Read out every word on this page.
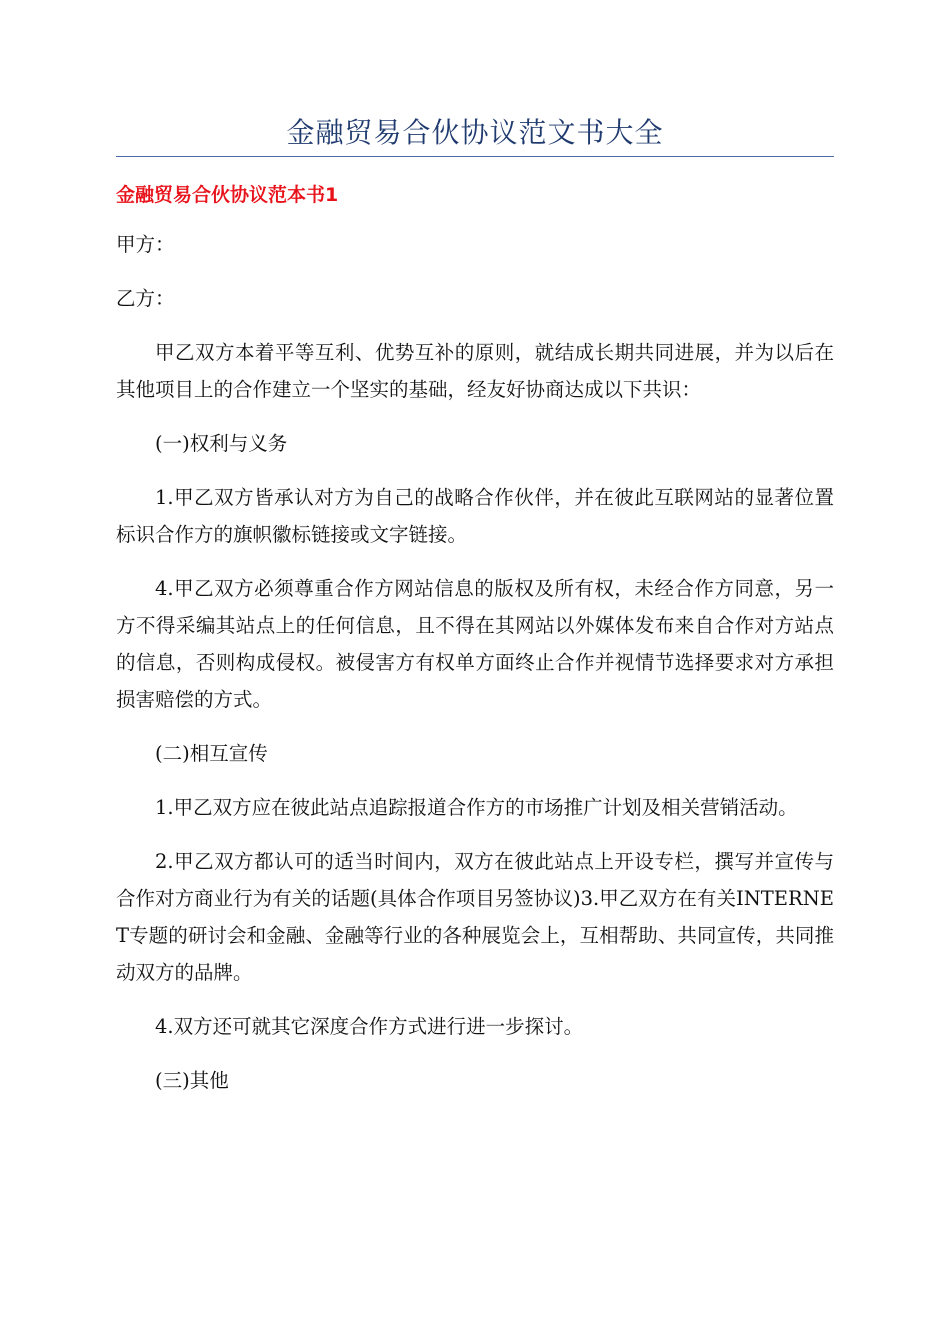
金融贸易合伙协议范文书大全
金融贸易合伙协议范本书1

甲方：

乙方：

甲乙双方本着平等互利、优势互补的原则，就结成长期共同进展，并为以后在其他项目上的合作建立一个坚实的基础，经友好协商达成以下共识：

(一)权利与义务

1.甲乙双方皆承认对方为自己的战略合作伙伴，并在彼此互联网站的显著位置标识合作方的旗帜徽标链接或文字链接。

4.甲乙双方必须尊重合作方网站信息的版权及所有权，未经合作方同意，另一方不得采编其站点上的任何信息，且不得在其网站以外媒体发布来自合作对方站点的信息，否则构成侵权。被侵害方有权单方面终止合作并视情节选择要求对方承担损害赔偿的方式。

(二)相互宣传

1.甲乙双方应在彼此站点追踪报道合作方的市场推广计划及相关营销活动。

2.甲乙双方都认可的适当时间内，双方在彼此站点上开设专栏，撰写并宣传与合作对方商业行为有关的话题(具体合作项目另签协议)3.甲乙双方在有关INTERNET专题的研讨会和金融、金融等行业的各种展览会上，互相帮助、共同宣传，共同推动双方的品牌。

4.双方还可就其它深度合作方式进行进一步探讨。

(三)其他
